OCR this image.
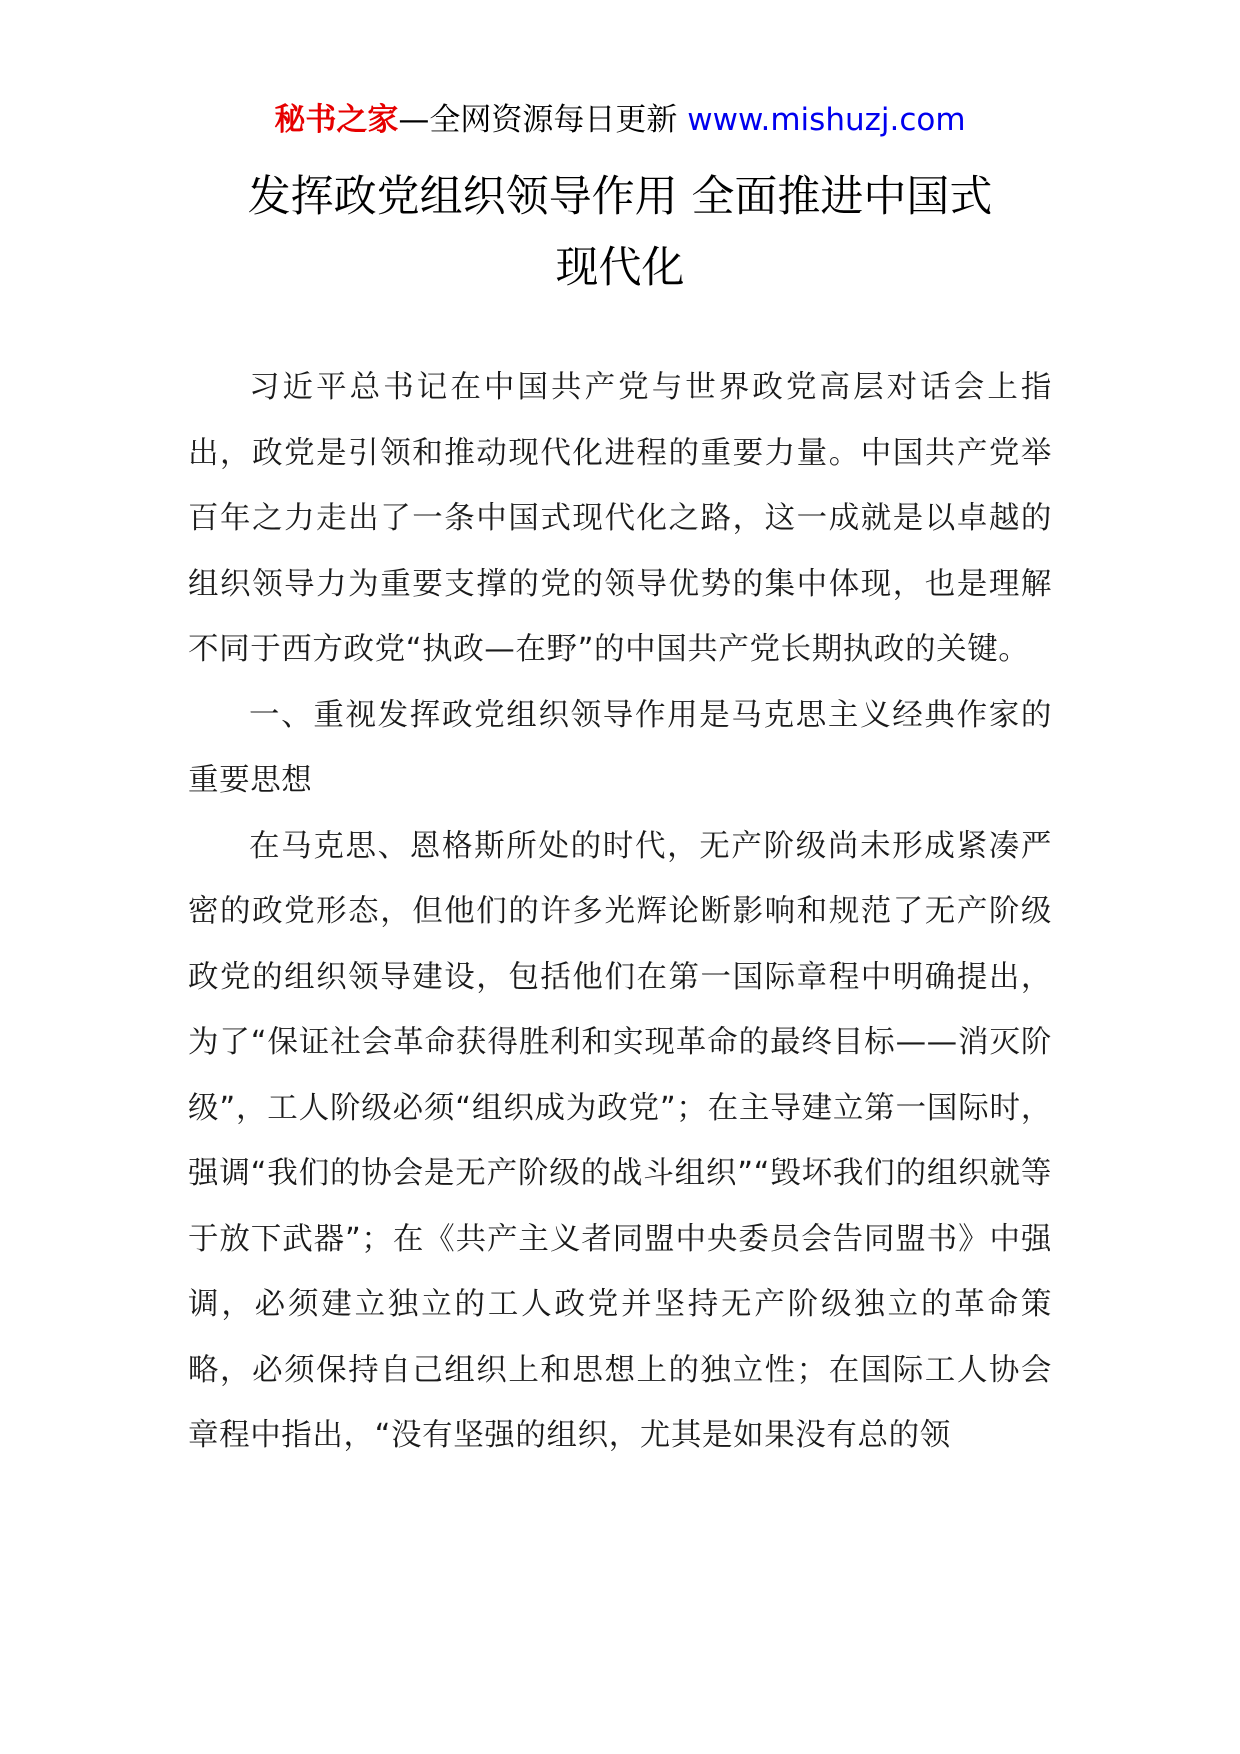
秘书之家—全网资源每日更新 www.mishuzj.com
发挥政党组织领导作用 全面推进中国式
现代化

习近平总书记在中国共产党与世界政党高层对话会上指出，政党是引领和推动现代化进程的重要力量。中国共产党举百年之力走出了一条中国式现代化之路，这一成就是以卓越的组织领导力为重要支撑的党的领导优势的集中体现，也是理解不同于西方政党“执政—在野”的中国共产党长期执政的关键。

一、重视发挥政党组织领导作用是马克思主义经典作家的重要思想

在马克思、恩格斯所处的时代，无产阶级尚未形成紧凑严密的政党形态，但他们的许多光辉论断影响和规范了无产阶级政党的组织领导建设，包括他们在第一国际章程中明确提出，为了“保证社会革命获得胜利和实现革命的最终目标——消灭阶级”，工人阶级必须“组织成为政党”；在主导建立第一国际时，强调“我们的协会是无产阶级的战斗组织”“毁坏我们的组织就等于放下武器”；在《共产主义者同盟中央委员会告同盟书》中强调，必须建立独立的工人政党并坚持无产阶级独立的革命策略，必须保持自己组织上和思想上的独立性；在国际工人协会章程中指出，“没有坚强的组织，尤其是如果没有总的领
